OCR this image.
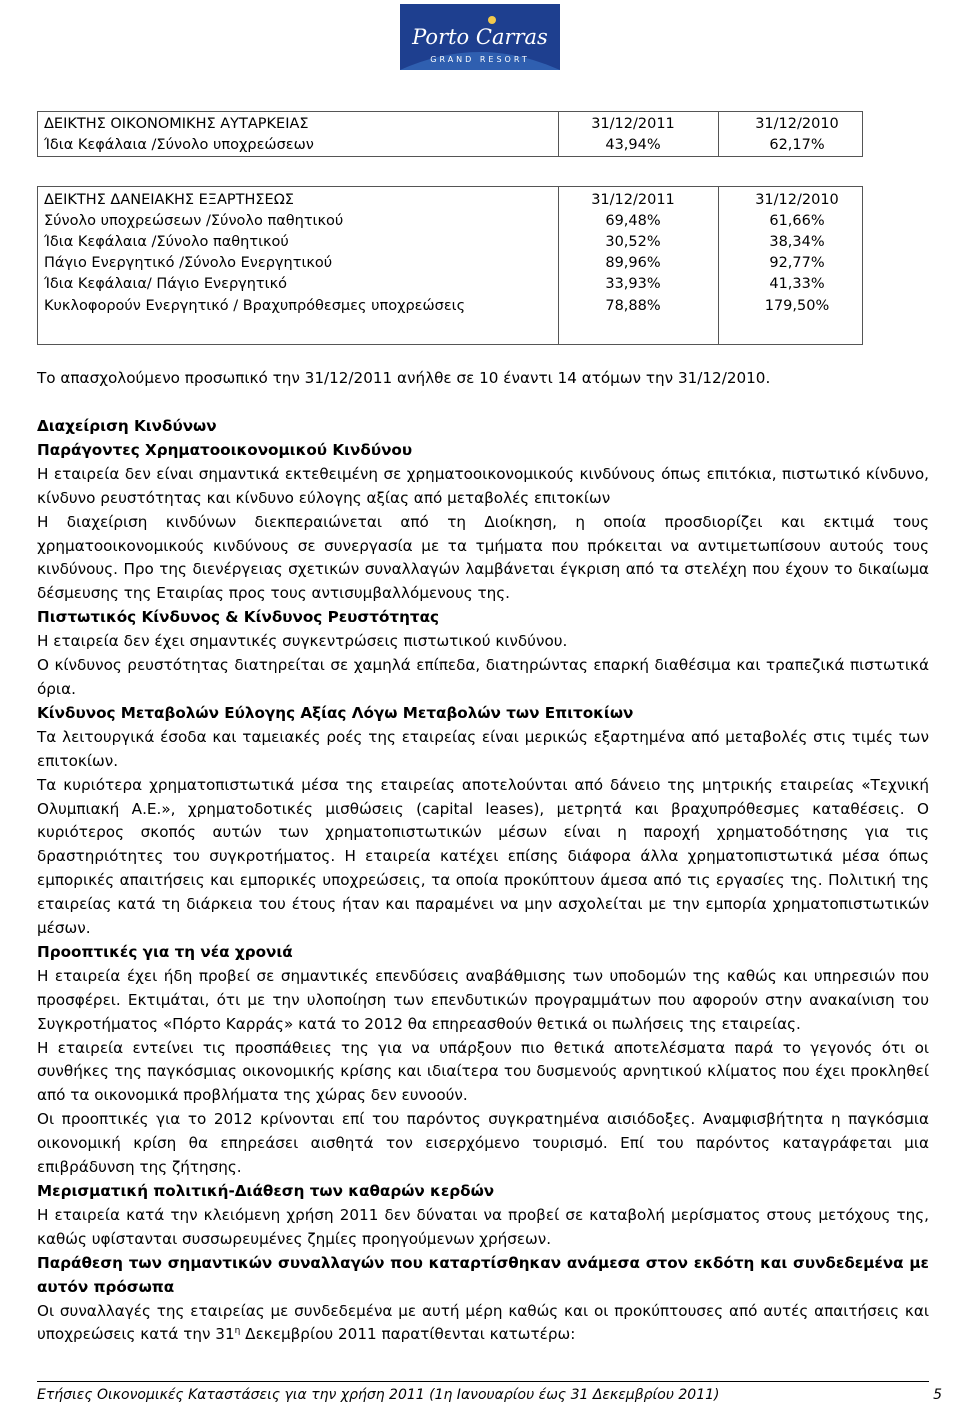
Porto Carras
GRAND RESORT
ΔΕΙΚΤΗΣ ΟΙΚΟΝΟΜΙΚΗΣ ΑΥΤΑΡΚΕΙΑΣ	31/12/2011	31/12/2010
Ίδια Κεφάλαια /Σύνολο υποχρεώσεων	43,94%	62,17%
ΔΕΙΚΤΗΣ ΔΑΝΕΙΑΚΗΣ ΕΞΑΡΤΗΣΕΩΣ	31/12/2011	31/12/2010
Σύνολο υποχρεώσεων /Σύνολο παθητικού	69,48%	61,66%
Ίδια Κεφάλαια /Σύνολο παθητικού	30,52%	38,34%
Πάγιο Ενεργητικό /Σύνολο Ενεργητικού	89,96%	92,77%
Ίδια Κεφάλαια/ Πάγιο Ενεργητικό	33,93%	41,33%
Κυκλοφορούν Ενεργητικό / Βραχυπρόθεσμες υποχρεώσεις	78,88%	179,50%

Το απασχολούμενο προσωπικό την 31/12/2011 ανήλθε σε 10 έναντι 14 ατόμων την 31/12/2010.

Διαχείριση Κινδύνων

Παράγοντες Χρηματοοικονομικού Κινδύνου

Η εταιρεία δεν είναι σημαντικά εκτεθειμένη σε χρηματοοικονομικούς κινδύνους όπως επιτόκια, πιστωτικό κίνδυνο, κίνδυνο ρευστότητας και κίνδυνο εύλογης αξίας από μεταβολές επιτοκίων

Η διαχείριση κινδύνων διεκπεραιώνεται από τη Διοίκηση, η οποία προσδιορίζει και εκτιμά τους χρηματοοικονομικούς κινδύνους σε συνεργασία με τα τμήματα που πρόκειται να αντιμετωπίσουν αυτούς τους κινδύνους. Προ της διενέργειας σχετικών συναλλαγών λαμβάνεται έγκριση από τα στελέχη που έχουν το δικαίωμα δέσμευσης της Εταιρίας προς τους αντισυμβαλλόμενους της.

Πιστωτικός Κίνδυνος & Κίνδυνος Ρευστότητας

Η εταιρεία δεν έχει σημαντικές συγκεντρώσεις πιστωτικού κινδύνου.

Ο κίνδυνος ρευστότητας διατηρείται σε χαμηλά επίπεδα, διατηρώντας επαρκή διαθέσιμα και τραπεζικά πιστωτικά όρια.

Κίνδυνος Μεταβολών Εύλογης Αξίας Λόγω Μεταβολών των Επιτοκίων

Τα λειτουργικά έσοδα και ταμειακές ροές της εταιρείας είναι μερικώς εξαρτημένα από μεταβολές στις τιμές των επιτοκίων.

Τα κυριότερα χρηματοπιστωτικά μέσα της εταιρείας αποτελούνται από δάνειο της μητρικής εταιρείας «Τεχνική Ολυμπιακή Α.Ε.», χρηματοδοτικές μισθώσεις (capital leases), μετρητά και βραχυπρόθεσμες καταθέσεις. Ο κυριότερος σκοπός αυτών των χρηματοπιστωτικών μέσων είναι η παροχή χρηματοδότησης για τις δραστηριότητες του συγκροτήματος. Η εταιρεία κατέχει επίσης διάφορα άλλα χρηματοπιστωτικά μέσα όπως εμπορικές απαιτήσεις και εμπορικές υποχρεώσεις, τα οποία προκύπτουν άμεσα από τις εργασίες της. Πολιτική της εταιρείας κατά τη διάρκεια του έτους ήταν και παραμένει να μην ασχολείται με την εμπορία χρηματοπιστωτικών μέσων.

Προοπτικές για τη νέα χρονιά

Η εταιρεία έχει ήδη προβεί σε σημαντικές επενδύσεις αναβάθμισης των υποδομών της καθώς και υπηρεσιών που προσφέρει. Εκτιμάται, ότι με την υλοποίηση των επενδυτικών προγραμμάτων που αφορούν στην ανακαίνιση του Συγκροτήματος «Πόρτο Καρράς» κατά το 2012 θα επηρεασθούν θετικά οι πωλήσεις της εταιρείας.

Η εταιρεία εντείνει τις προσπάθειες της για να υπάρξουν πιο θετικά αποτελέσματα παρά το γεγονός ότι οι συνθήκες της παγκόσμιας οικονομικής κρίσης και ιδιαίτερα του δυσμενούς αρνητικού κλίματος που έχει προκληθεί από τα οικονομικά προβλήματα της χώρας δεν ευνοούν.

Οι προοπτικές για το 2012 κρίνονται επί του παρόντος συγκρατημένα αισιόδοξες. Αναμφισβήτητα η παγκόσμια οικονομική κρίση θα επηρεάσει αισθητά τον εισερχόμενο τουρισμό. Επί του παρόντος καταγράφεται μια επιβράδυνση της ζήτησης.

Μερισματική πολιτική-Διάθεση των καθαρών κερδών

Η εταιρεία κατά την κλειόμενη χρήση 2011 δεν δύναται να προβεί σε καταβολή μερίσματος στους μετόχους της, καθώς υφίστανται συσσωρευμένες ζημίες προηγούμενων χρήσεων.

Παράθεση των σημαντικών συναλλαγών που καταρτίσθηκαν ανάμεσα στον εκδότη και συνδεδεμένα με αυτόν πρόσωπα

Οι συναλλαγές της εταιρείας με συνδεδεμένα με αυτή μέρη καθώς και οι προκύπτουσες από αυτές απαιτήσεις και υποχρεώσεις κατά την $31^\eta$ Δεκεμβρίου 2011 παρατίθενται κατωτέρω:

Ετήσιες Οικονομικές Καταστάσεις για την χρήση 2011 (1η Ιανουαρίου έως 31 Δεκεμβρίου 2011)	5
